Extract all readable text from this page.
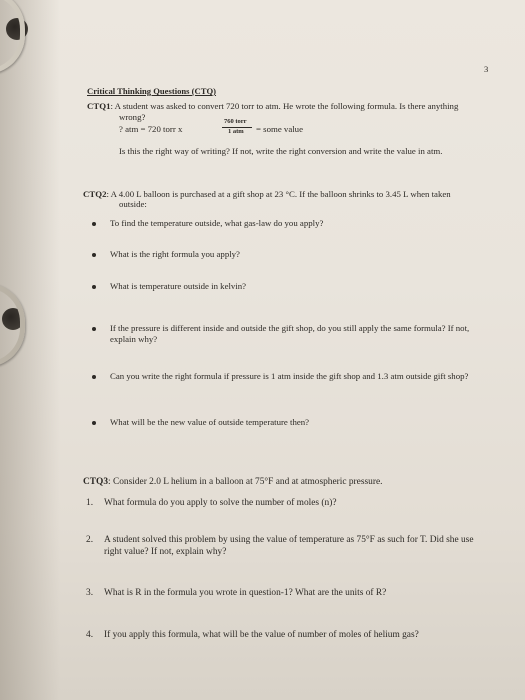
3
Critical Thinking Questions (CTQ)
CTQ1: A student was asked to convert 720 torr to atm. He wrote the following formula. Is there anything
wrong?
? atm = 720 torr x
760 torr
1 atm = some value
Is this the right way of writing? If not, write the right conversion and write the value in atm.
CTQ2: A 4.00 L balloon is purchased at a gift shop at 23 °C. If the balloon shrinks to 3.45 L when taken
outside:
To find the temperature outside, what gas-law do you apply?
What is the right formula you apply?
What is temperature outside in kelvin?
If the pressure is different inside and outside the gift shop, do you still apply the same formula? If not,
explain why?
Can you write the right formula if pressure is 1 atm inside the gift shop and 1.3 atm outside gift shop?
What will be the new value of outside temperature then?
CTQ3: Consider 2.0 L helium in a balloon at 75°F and at atmospheric pressure.
1. What formula do you apply to solve the number of moles (n)?
2. A student solved this problem by using the value of temperature as 75°F as such for T. Did she use
right value? If not, explain why?
3. What is R in the formula you wrote in question-1? What are the units of R?
4. If you apply this formula, what will be the value of number of moles of helium gas?
